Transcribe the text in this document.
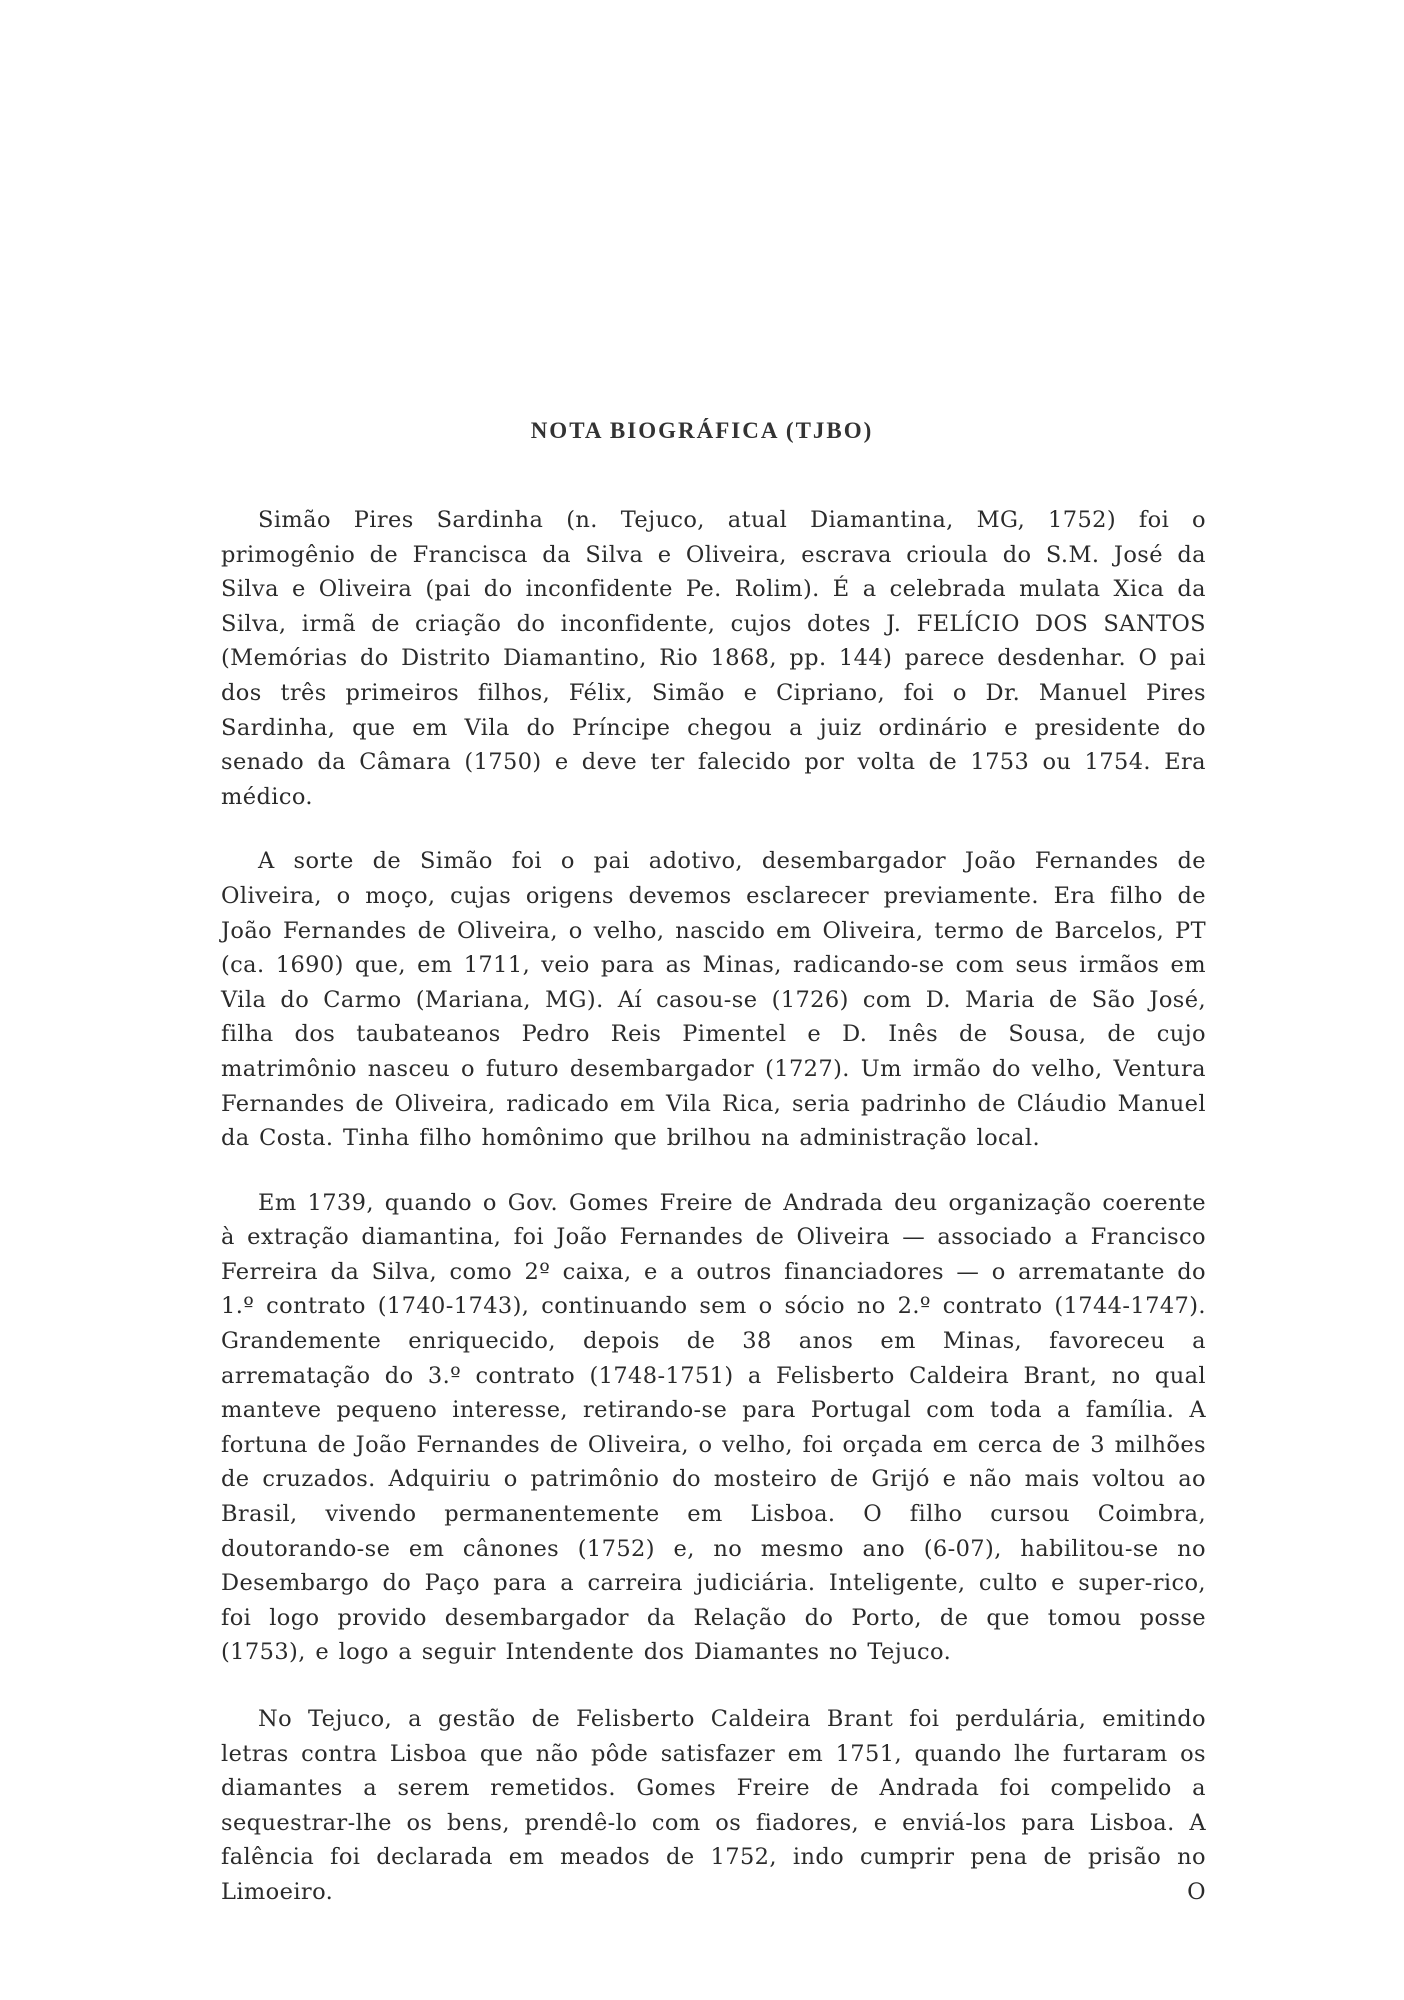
NOTA BIOGRÁFICA (TJBO)

Simão Pires Sardinha (n. Tejuco, atual Diamantina, MG, 1752) foi o primogênio de Francisca da Silva e Oliveira, escrava crioula do S.M. José da Silva e Oliveira (pai do inconfidente Pe. Rolim). É a celebrada mulata Xica da Silva, irmã de criação do inconfidente, cujos dotes J. FELÍCIO DOS SANTOS (Memórias do Distrito Diamantino, Rio 1868, pp. 144) parece desdenhar. O pai dos três primeiros filhos, Félix, Simão e Cipriano, foi o Dr. Manuel Pires Sardinha, que em Vila do Príncipe chegou a juiz ordinário e presidente do senado da Câmara (1750) e deve ter falecido por volta de 1753 ou 1754. Era médico.

A sorte de Simão foi o pai adotivo, desembargador João Fernandes de Oliveira, o moço, cujas origens devemos esclarecer previamente. Era filho de João Fernandes de Oliveira, o velho, nascido em Oliveira, termo de Barcelos, PT (ca. 1690) que, em 1711, veio para as Minas, radicando-se com seus irmãos em Vila do Carmo (Mariana, MG). Aí casou-se (1726) com D. Maria de São José, filha dos taubateanos Pedro Reis Pimentel e D. Inês de Sousa, de cujo matrimônio nasceu o futuro desembargador (1727). Um irmão do velho, Ventura Fernandes de Oliveira, radicado em Vila Rica, seria padrinho de Cláudio Manuel da Costa. Tinha filho homônimo que brilhou na administração local.

Em 1739, quando o Gov. Gomes Freire de Andrada deu organização coerente à extração diamantina, foi João Fernandes de Oliveira — associado a Francisco Ferreira da Silva, como 2º caixa, e a outros financiadores — o arrematante do 1.º contrato (1740-1743), continuando sem o sócio no 2.º contrato (1744-1747). Grandemente enriquecido, depois de 38 anos em Minas, favoreceu a arrematação do 3.º contrato (1748-1751) a Felisberto Caldeira Brant, no qual manteve pequeno interesse, retirando-se para Portugal com toda a família. A fortuna de João Fernandes de Oliveira, o velho, foi orçada em cerca de 3 milhões de cruzados. Adquiriu o patrimônio do mosteiro de Grijó e não mais voltou ao Brasil, vivendo permanentemente em Lisboa. O filho cursou Coimbra, doutorando-se em cânones (1752) e, no mesmo ano (6-07), habilitou-se no Desembargo do Paço para a carreira judiciária. Inteligente, culto e super-rico, foi logo provido desembargador da Relação do Porto, de que tomou posse (1753), e logo a seguir Intendente dos Diamantes no Tejuco.

No Tejuco, a gestão de Felisberto Caldeira Brant foi perdulária, emitindo letras contra Lisboa que não pôde satisfazer em 1751, quando lhe furtaram os diamantes a serem remetidos. Gomes Freire de Andrada foi compelido a sequestrar-lhe os bens, prendê-lo com os fiadores, e enviá-los para Lisboa. A falência foi declarada em meados de 1752, indo cumprir pena de prisão no Limoeiro. O
